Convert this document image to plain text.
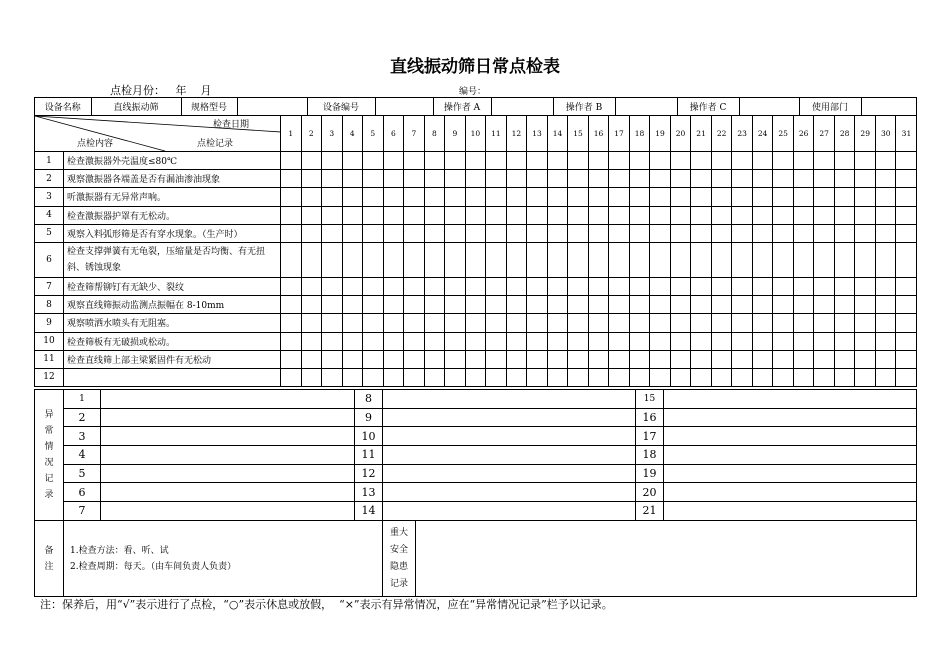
直线振动筛日常点检表
点检月份：   年    月	编号：
设备名称	直线振动筛	规格型号		设备编号		操作者 A		操作者 B		操作者 C		使用部门	

检查日期
点检内容	点检记录
	1	2	3	4	5	6	7	8	9	10	11	12	13	14	15	16	17	18	19	20	21	22	23	24	25	26	27	28	29	30	31
1	检查激振器外壳温度≤80℃																															
2	观察激振器各端盖是否有漏油渗油现象																															
3	听激振器有无异常声响。																															
4	检查激振器护罩有无松动。																															
5	观察入料弧形筛是否有穿水现象。（生产时）																															
6	检查支撑弹簧有无龟裂，压缩量是否均衡、有无扭斜、锈蚀现象																															
7	检查筛帮铆钉有无缺少、裂纹																															
8	观察直线筛振动监测点振幅在 8-10mm																															
9	观察喷洒水喷头有无阻塞。																															
10	检查筛板有无破损或松动。																															
11	检查直线筛上部主梁紧固件有无松动																															
12																																
异常情况记录	1		8		15	
	2		9		16	
	3		10		17	
	4		11		18	
	5		12		19	
	6		13		20	
	7		14		21	
备注

1.检查方法：看、听、试
2.检查周期：每天。（由车间负责人负责）

重大安全隐患记录

注：保养后，用“√”表示进行了点检，“○”表示休息或放假，  “×”表示有异常情况，应在“异常情况记录”栏予以记录。
